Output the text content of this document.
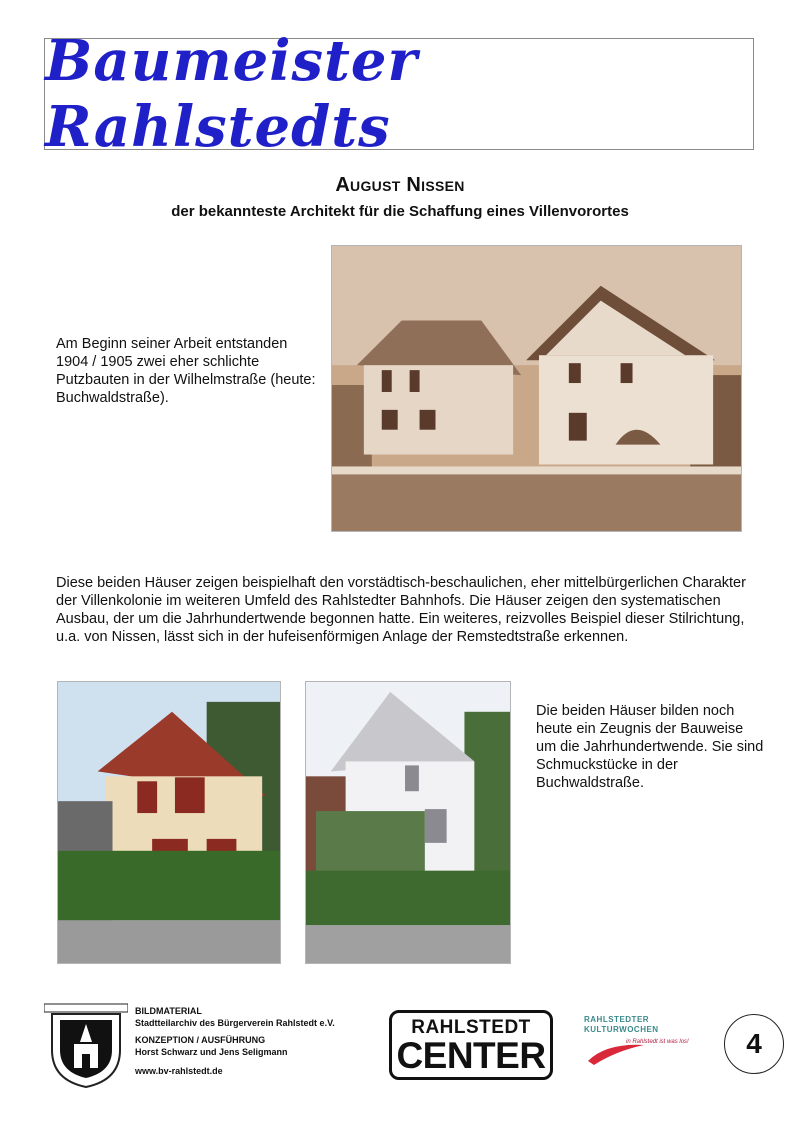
Baumeister Rahlstedts
August Nissen
der bekannteste Architekt für die Schaffung eines Villenvorortes
Am Beginn seiner Arbeit entstanden 1904 / 1905 zwei eher schlichte Putzbauten in der Wilhelmstraße (heute: Buchwaldstraße).
Diese beiden Häuser zeigen beispielhaft den vorstädtisch-beschaulichen, eher mittelbürgerlichen Charakter der Villenkolonie im weiteren Umfeld des Rahlstedter Bahnhofs. Die Häuser zeigen den systematischen Ausbau, der um die Jahrhundertwende begonnen hatte. Ein weiteres, reizvolles Beispiel dieser Stilrichtung, u.a. von Nissen, lässt sich in der hufeisenförmigen Anlage der Remstedtstraße erkennen.
Die beiden Häuser bilden noch heute ein Zeugnis der Bauweise um die Jahrhundertwende. Sie sind Schmuckstücke in der Buchwaldstraße.
BILDMATERIAL
Stadtteilarchiv des Bürgerverein Rahlstedt e.V.
KONZEPTION / AUSFÜHRUNG
Horst Schwarz und Jens Seligmann
www.bv-rahlstedt.de
RAHLSTEDT
CENTER
RAHLSTEDTER
KULTURWOCHEN
in Rahlstedt ist was los!	4
